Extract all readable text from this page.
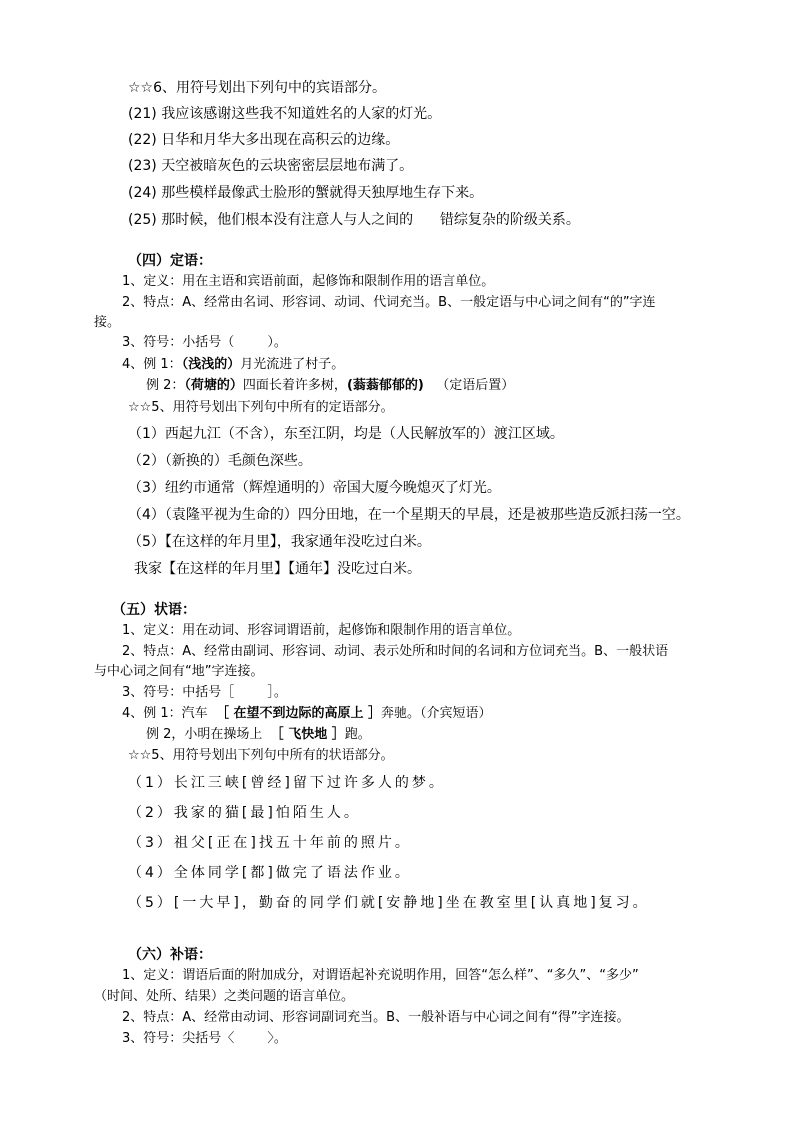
☆☆6、用符号划出下列句中的宾语部分。
(21) 我应该感谢这些我不知道姓名的人家的灯光。
(22) 日华和月华大多出现在高积云的边缘。
(23) 天空被暗灰色的云块密密层层地布满了。
(24) 那些模样最像武士脸形的蟹就得天独厚地生存下来。
(25) 那时候，他们根本没有注意人与人之间的      错综复杂的阶级关系。
（四）定语：
1、定义：用在主语和宾语前面，起修饰和限制作用的语言单位。
2、特点：A、经常由名词、形容词、动词、代词充当。B、一般定语与中心词之间有“的”字连
接。
3、符号：小括号（        ）。
4、例 1：（浅浅的）月光流进了村子。
例 2：（荷塘的）四面长着许多树，(蓊蓊郁郁的)   （定语后置）
☆☆5、用符号划出下列句中所有的定语部分。
（1）西起九江（不含），东至江阴，均是（人民解放军的）渡江区域。
（2）（新换的）毛颜色深些。
（3）纽约市通常（辉煌通明的）帝国大厦今晚熄灭了灯光。
（4）（袁隆平视为生命的）四分田地，在一个星期天的早晨，还是被那些造反派扫荡一空。
（5）【在这样的年月里】，我家通年没吃过白米。
我家【在这样的年月里】【通年】没吃过白米。
（五）状语：
1、定义：用在动词、形容词谓语前，起修饰和限制作用的语言单位。
2、特点：A、经常由副词、形容词、动词、表示处所和时间的名词和方位词充当。B、一般状语
与中心词之间有“地”字连接。
3、符号：中括号［        ］。
4、例 1：汽车  ［ 在望不到边际的高原上 ］奔驰。（介宾短语）
例 2，小明在操场上  ［ 飞快地 ］跑。
☆☆5、用符号划出下列句中所有的状语部分。
（1）长江三峡[曾经]留下过许多人的梦。
（2）我家的猫[最]怕陌生人。
（3）祖父[正在]找五十年前的照片。
（4）全体同学[都]做完了语法作业。
（5）[一大早]，勤奋的同学们就[安静地]坐在教室里[认真地]复习。
（六）补语：
1、定义：谓语后面的附加成分，对谓语起补充说明作用，回答“怎么样”、“多久”、“多少”
（时间、处所、结果）之类问题的语言单位。
2、特点：A、经常由动词、形容词副词充当。B、一般补语与中心词之间有“得”字连接。
3、符号：尖括号〈        〉。
